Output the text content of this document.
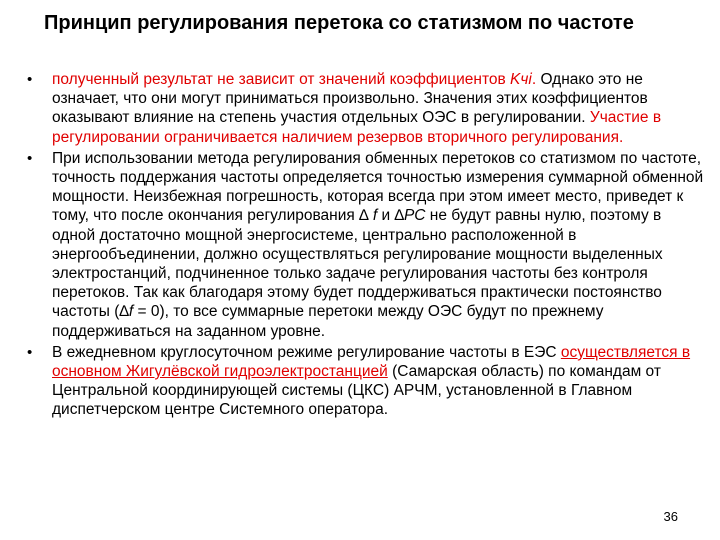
Принцип регулирования перетока со статизмом по частоте
• полученный результат не зависит от значений коэффициентов Kчi. Однако это не означает, что они могут приниматься произвольно. Значения этих коэффициентов оказывают влияние на степень участия отдельных ОЭС в регулировании. Участие в регулировании ограничивается наличием резервов вторичного регулирования.
• При использовании метода регулирования обменных перетоков со статизмом по частоте, точность поддержания частоты определяется точностью измерения суммарной обменной мощности. Неизбежная погрешность, которая всегда при этом имеет место, приведет к тому, что после окончания регулирования ∆ f и ∆PC не будут равны нулю, поэтому в одной достаточно мощной энергосистеме, центрально расположенной в энергообъединении, должно осуществляться регулирование мощности выделенных электростанций, подчиненное только задаче регулирования частоты без контроля перетоков. Так как благодаря этому будет поддерживаться практически постоянство частоты (∆f = 0), то все суммарные перетоки между ОЭС будут по прежнему поддерживаться на заданном уровне.
• В ежедневном круглосуточном режиме регулирование частоты в ЕЭС осуществляется в основном Жигулёвской гидроэлектростанцией (Самарская область) по командам от Центральной координирующей системы (ЦКС) АРЧМ, установленной в Главном диспетчерском центре Системного оператора.
36
